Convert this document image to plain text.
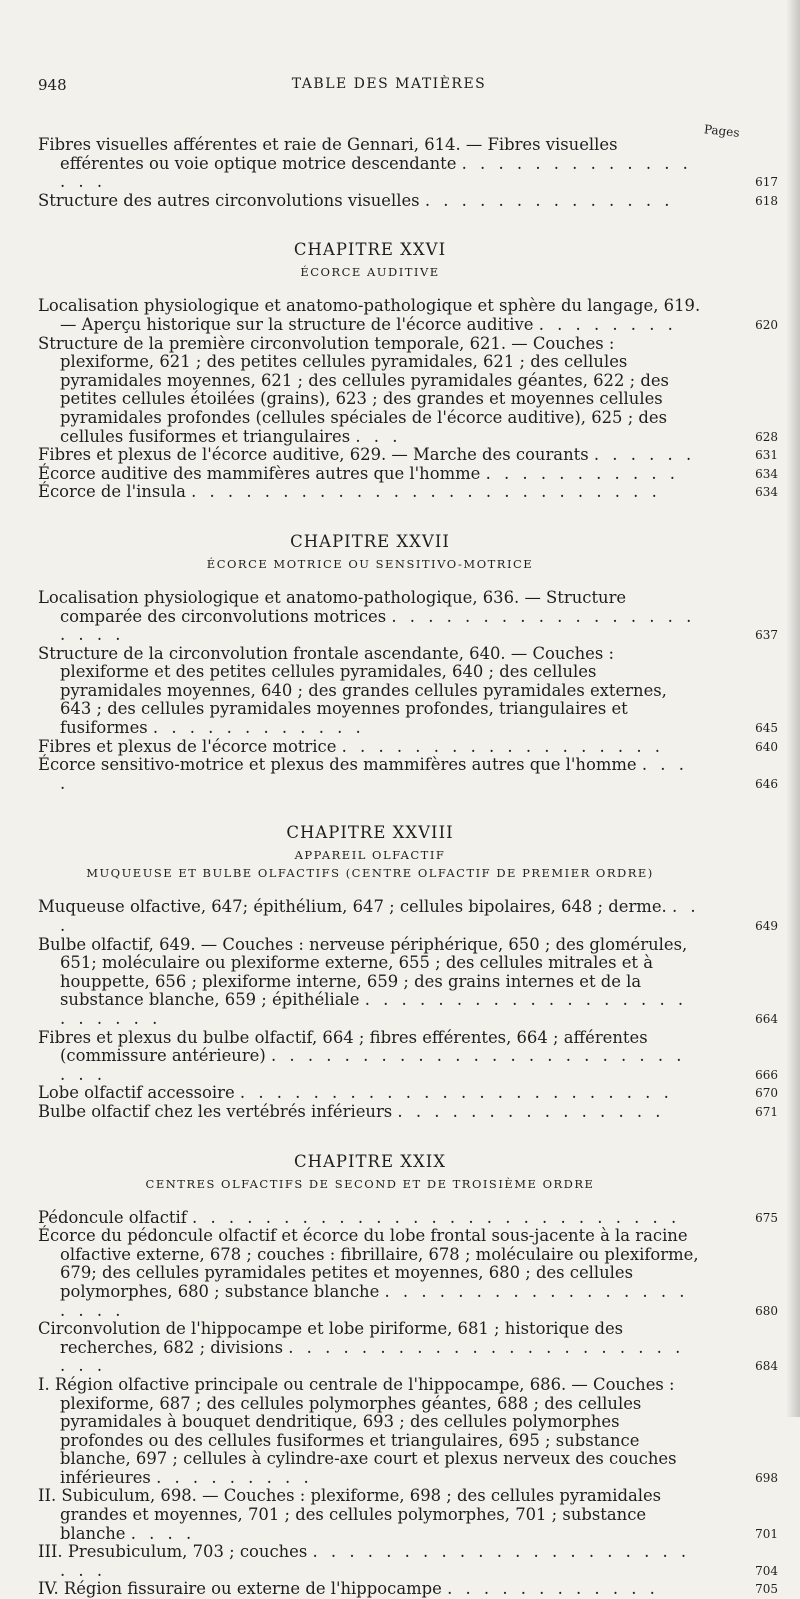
948	TABLE DES MATIÈRES
Pages

Fibres visuelles afférentes et raie de Gennari, 614. — Fibres visuelles efférentes ou voie optique motrice descendante . . . . . . . . . . . . . . . .	617

Structure des autres circonvolutions visuelles . . . . . . . . . . . . . .	618

CHAPITRE XXVI
ÉCORCE AUDITIVE

Localisation physiologique et anatomo-pathologique et sphère du langage, 619. — Aperçu historique sur la structure de l'écorce auditive . . . . . . . .	620

Structure de la première circonvolution temporale, 621. — Couches : plexiforme, 621 ; des petites cellules pyramidales, 621 ; des cellules pyramidales moyennes, 621 ; des cellules pyramidales géantes, 622 ; des petites cellules étoilées (grains), 623 ; des grandes et moyennes cellules pyramidales profondes (cellules spéciales de l'écorce auditive), 625 ; des cellules fusiformes et triangulaires . . .	628

Fibres et plexus de l'écorce auditive, 629. — Marche des courants . . . . . .	631

Écorce auditive des mammifères autres que l'homme . . . . . . . . . . .	634

Écorce de l'insula . . . . . . . . . . . . . . . . . . . . . . . . . .	634

CHAPITRE XXVII
ÉCORCE MOTRICE OU SENSITIVO-MOTRICE

Localisation physiologique et anatomo-pathologique, 636. — Structure comparée des circonvolutions motrices . . . . . . . . . . . . . . . . . . . . .	637

Structure de la circonvolution frontale ascendante, 640. — Couches : plexiforme et des petites cellules pyramidales, 640 ; des cellules pyramidales moyennes, 640 ; des grandes cellules pyramidales externes, 643 ; des cellules pyramidales moyennes profondes, triangulaires et fusiformes . . . . . . . . . . . .	645

Fibres et plexus de l'écorce motrice . . . . . . . . . . . . . . . . . .	640

Écorce sensitivo-motrice et plexus des mammifères autres que l'homme . . . .	646

CHAPITRE XXVIII
APPAREIL OLFACTIF
MUQUEUSE ET BULBE OLFACTIFS (CENTRE OLFACTIF DE PREMIER ORDRE)

Muqueuse olfactive, 647; épithélium, 647 ; cellules bipolaires, 648 ; derme. . . .	649

Bulbe olfactif, 649. — Couches : nerveuse périphérique, 650 ; des glomérules, 651; moléculaire ou plexiforme externe, 655 ; des cellules mitrales et à houppette, 656 ; plexiforme interne, 659 ; des grains internes et de la substance blanche, 659 ; épithéliale . . . . . . . . . . . . . . . . . . . . . . . .	664

Fibres et plexus du bulbe olfactif, 664 ; fibres efférentes, 664 ; afférentes (commissure antérieure) . . . . . . . . . . . . . . . . . . . . . . . . . .	666

Lobe olfactif accessoire . . . . . . . . . . . . . . . . . . . . . . . .	670

Bulbe olfactif chez les vertébrés inférieurs . . . . . . . . . . . . . . .	671

CHAPITRE XXIX
CENTRES OLFACTIFS DE SECOND ET DE TROISIÈME ORDRE

Pédoncule olfactif . . . . . . . . . . . . . . . . . . . . . . . . . . .	675

Écorce du pédoncule olfactif et écorce du lobe frontal sous-jacente à la racine olfactive externe, 678 ; couches : fibrillaire, 678 ; moléculaire ou plexiforme, 679; des cellules pyramidales petites et moyennes, 680 ; des cellules polymorphes, 680 ; substance blanche . . . . . . . . . . . . . . . . . . . . .	680

Circonvolution de l'hippocampe et lobe piriforme, 681 ; historique des recherches, 682 ; divisions . . . . . . . . . . . . . . . . . . . . . . . . .	684

I. Région olfactive principale ou centrale de l'hippocampe, 686. — Couches : plexiforme, 687 ; des cellules polymorphes géantes, 688 ; des cellules pyramidales à bouquet dendritique, 693 ; des cellules polymorphes profondes ou des cellules fusiformes et triangulaires, 695 ; substance blanche, 697 ; cellules à cylindre-axe court et plexus nerveux des couches inférieures . . . . . . . . .	698

II. Subiculum, 698. — Couches : plexiforme, 698 ; des cellules pyramidales grandes et moyennes, 701 ; des cellules polymorphes, 701 ; substance blanche . . . .	701

III. Presubiculum, 703 ; couches . . . . . . . . . . . . . . . . . . . . . . . .	704

IV. Région fissuraire ou externe de l'hippocampe . . . . . . . . . . . .	705
